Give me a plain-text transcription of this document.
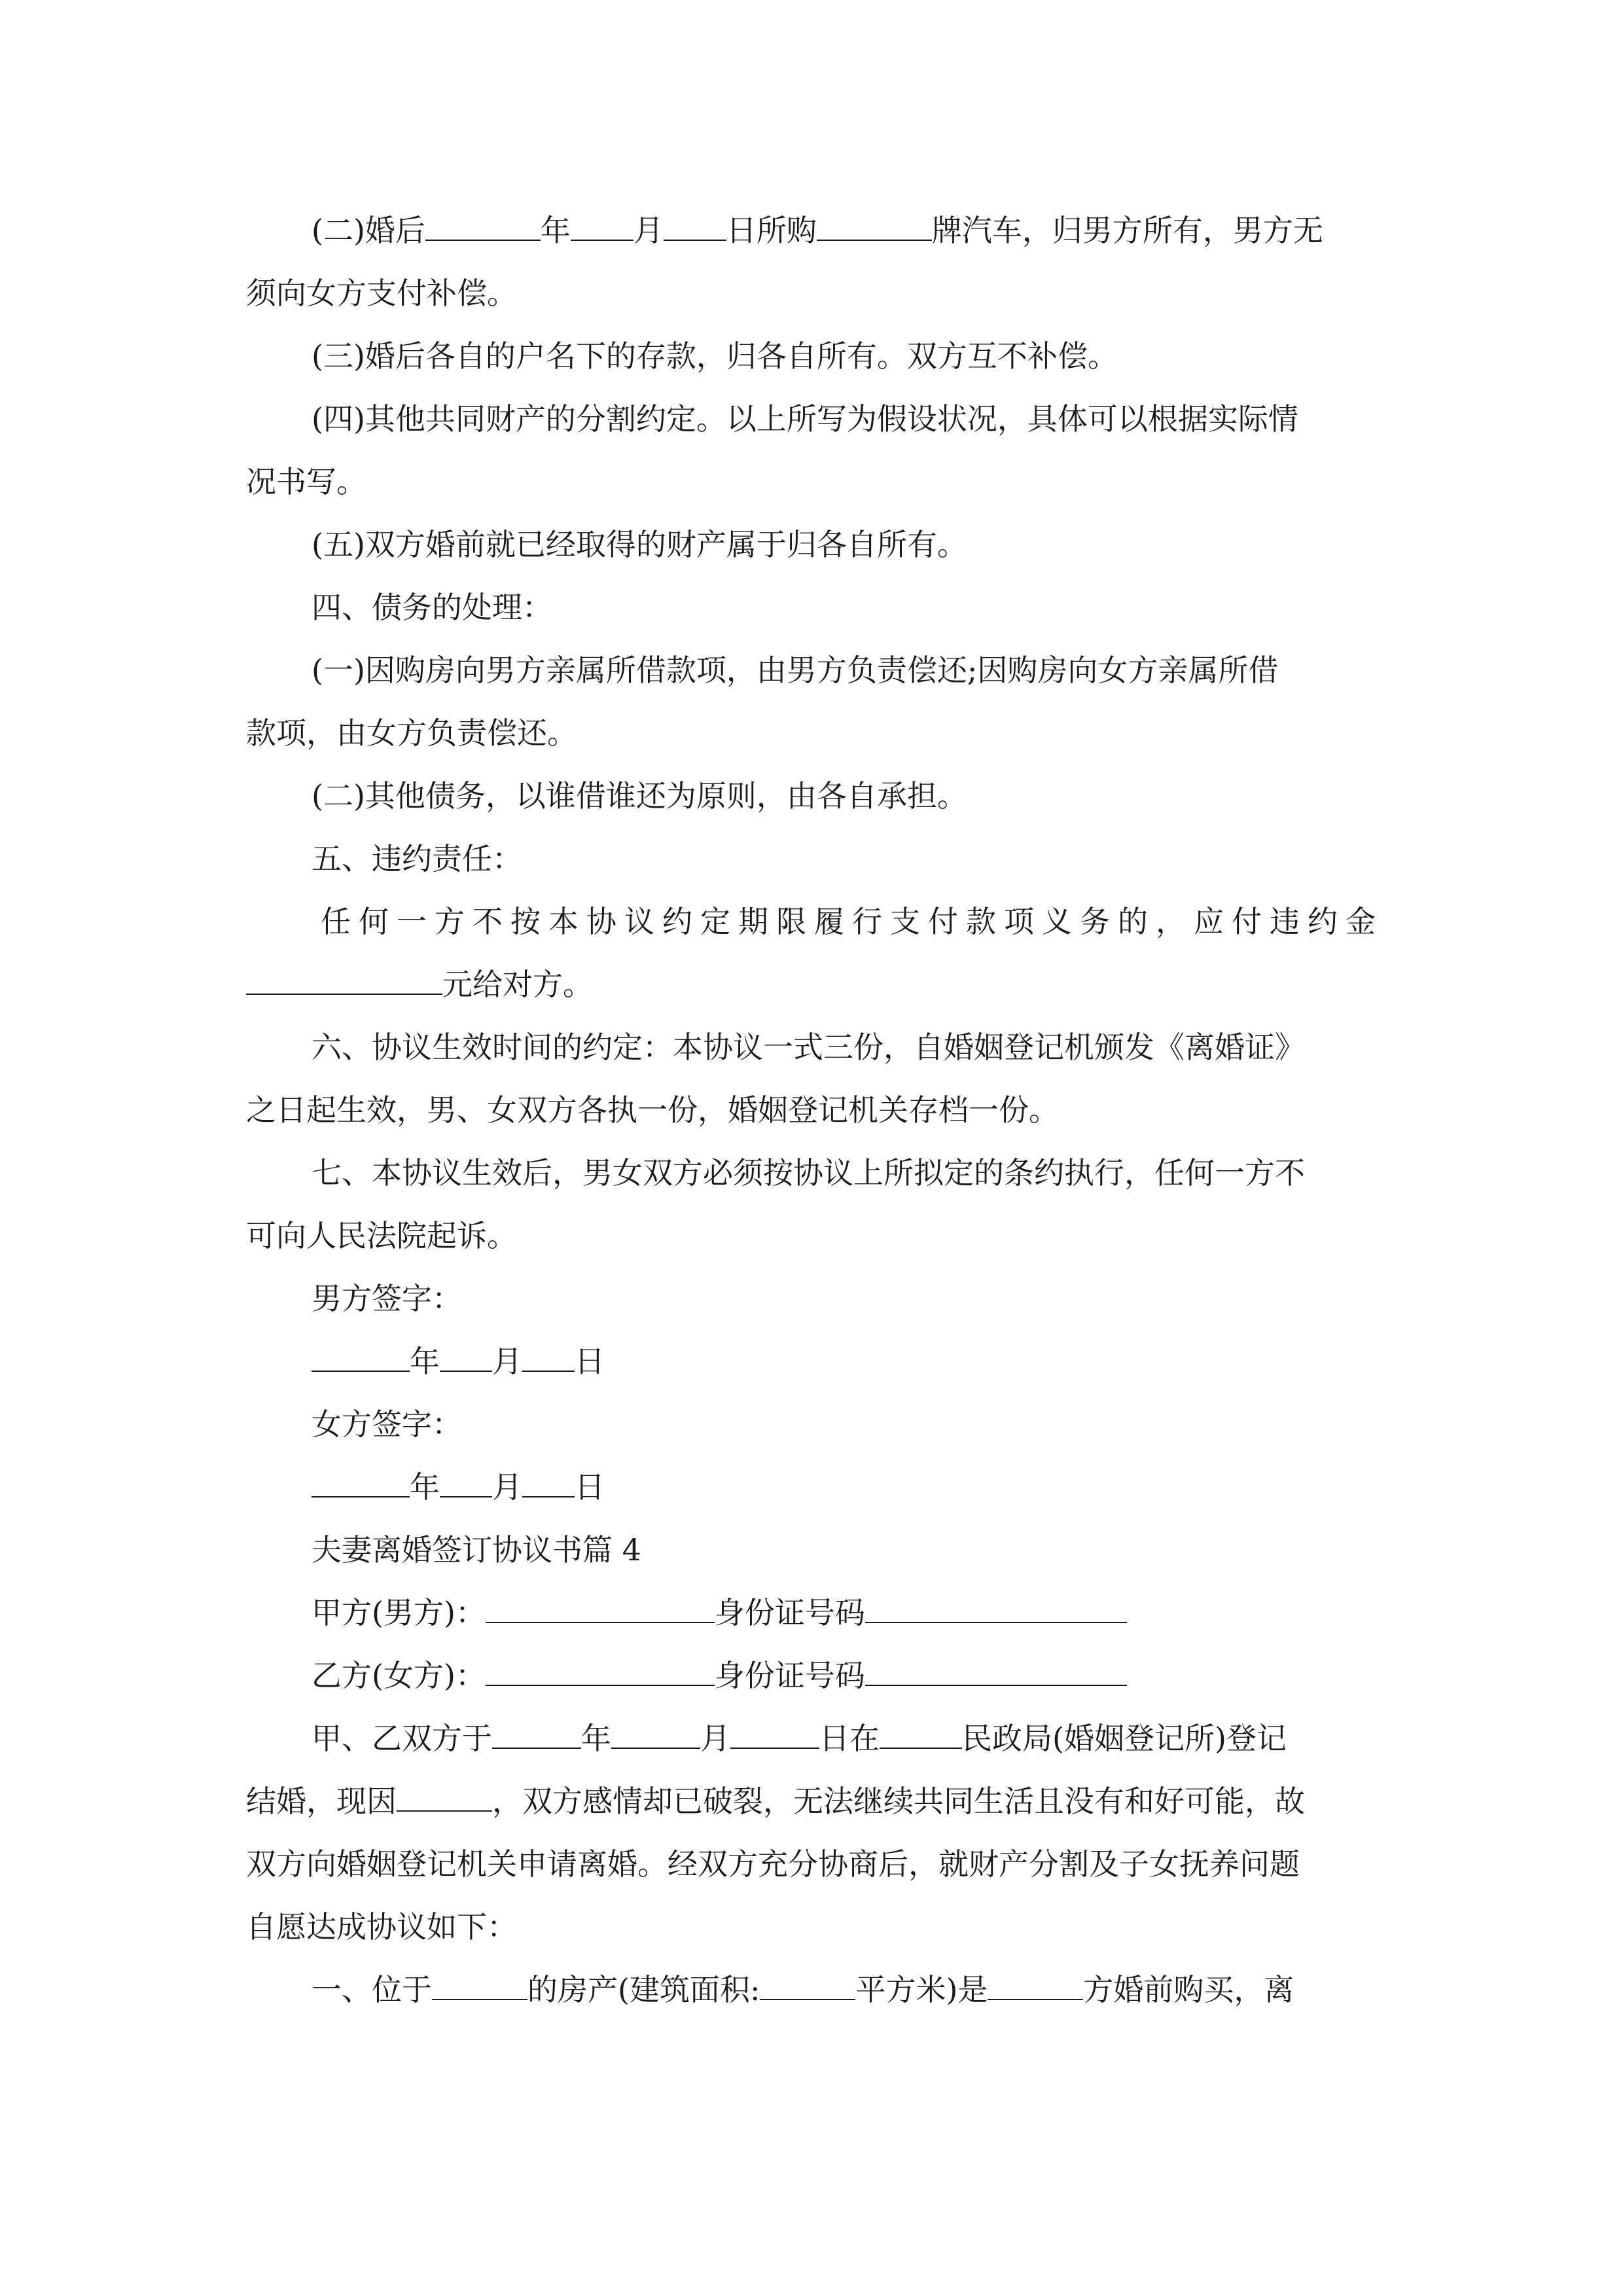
(二)婚后	年 月 日所购	牌汽车，归男方所有，男方无
须向女方支付补偿。
(三)婚后各自的户名下的存款，归各自所有。双方互不补偿。
(四)其他共同财产的分割约定。以上所写为假设状况，具体可以根据实际情
况书写。
(五)双方婚前就已经取得的财产属于归各自所有。
四、债务的处理：
(一)因购房向男方亲属所借款项，由男方负责偿还;因购房向女方亲属所借
款项，由女方负责偿还。
(二)其他债务，以谁借谁还为原则，由各自承担。
五、违约责任：
任何一方不按本协议约定期限履行支付款项义务的，应付违约金
元给对方。
六、协议生效时间的约定：本协议一式三份，自婚姻登记机颁发《离婚证》
之日起生效，男、女双方各执一份，婚姻登记机关存档一份。
七、本协议生效后，男女双方必须按协议上所拟定的条约执行，任何一方不
可向人民法院起诉。
男方签字：
年 月 日
女方签字：
年 月 日
夫妻离婚签订协议书篇 4
甲方(男方)：	身份证号码
乙方(女方)：	身份证号码
甲、乙双方于	年	月	日在	民政局(婚姻登记所)登记
结婚，现因	，双方感情却已破裂，无法继续共同生活且没有和好可能，故
双方向婚姻登记机关申请离婚。经双方充分协商后，就财产分割及子女抚养问题
自愿达成协议如下：
一、位于	的房产(建筑面积:	平方米)是	方婚前购买，离
